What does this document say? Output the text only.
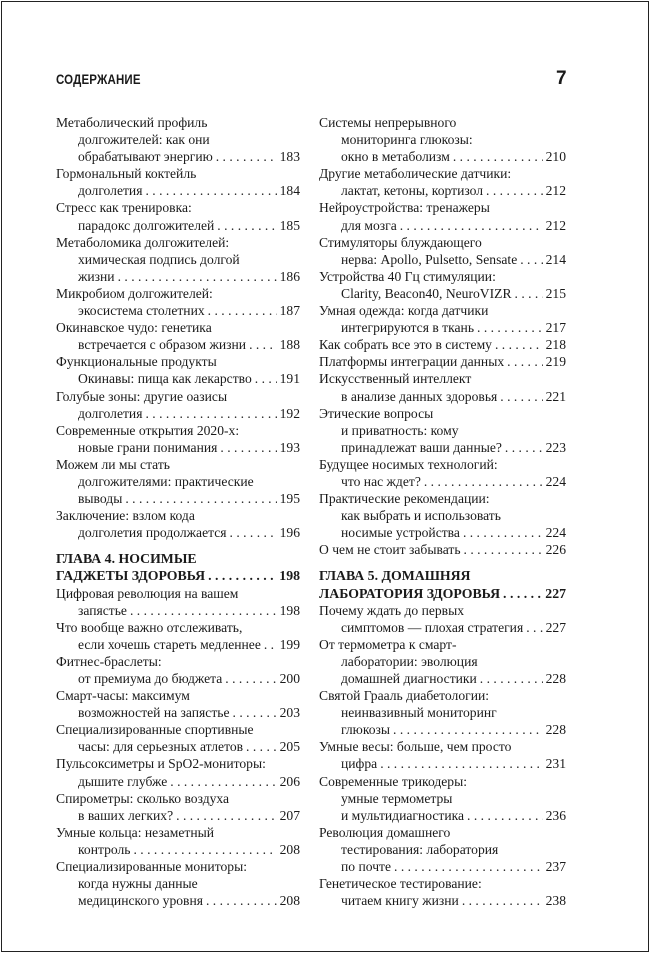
СОДЕРЖАНИЕ	7
Метаболический профиль
долгожителей: как они
обрабатывают энергию . . .	183
Гормональный коктейль
долголетия . . .	184
Стресс как тренировка:
парадокс долгожителей . . .	185
Метаболомика долгожителей:
химическая подпись долгой
жизни . . .	186
Микробиом долгожителей:
экосистема столетних . . .	187
Окинавское чудо: генетика
встречается с образом жизни . . . 188
Функциональные продукты
Окинавы: пища как лекарство . . . 191
Голубые зоны: другие оазисы
долголетия . . .	192
Современные открытия 2020-х:
новые грани понимания . . .	193
Можем ли мы стать
долгожителями: практические
выводы . . .	195
Заключение: взлом кода
долголетия продолжается . . .	196
ГЛАВА 4. НОСИМЫЕ
ГАДЖЕТЫ ЗДОРОВЬЯ . . .	198
Цифровая революция на вашем
запястье . . .	198
Что вообще важно отслеживать,
если хочешь стареть медленнее . . . 199
Фитнес-браслеты:
от премиума до бюджета . . .	200
Смарт-часы: максимум
возможностей на запястье . . .	203
Специализированные спортивные
часы: для серьезных атлетов . . .	205
Пульсоксиметры и SpO2-мониторы:
дышите глубже . . .	206
Спирометры: сколько воздуха
в ваших легких? . . .	207
Умные кольца: незаметный
контроль . . .	208
Специализированные мониторы:
когда нужны данные
медицинского уровня . . .	208
Системы непрерывного
мониторинга глюкозы:
окно в метаболизм . . .	210
Другие метаболические датчики:
лактат, кетоны, кортизол . . .	212
Нейроустройства: тренажеры
для мозга . . .	212
Стимуляторы блуждающего
нерва: Apollo, Pulsetto, Sensate . . . 214
Устройства 40 Гц стимуляции:
Clarity, Beacon40, NeuroVIZR . . .	215
Умная одежда: когда датчики
интегрируются в ткань . . .	217
Как собрать все это в систему . . .	218
Платформы интеграции данных . . .	219
Искусственный интеллект
в анализе данных здоровья . . .	221
Этические вопросы
и приватность: кому
принадлежат ваши данные? . . .	223
Будущее носимых технологий:
что нас ждет? . . .	224
Практические рекомендации:
как выбрать и использовать
носимые устройства . . .	224
О чем не стоит забывать . . .	226
ГЛАВА 5. ДОМАШНЯЯ
ЛАБОРАТОРИЯ ЗДОРОВЬЯ . . .	227
Почему ждать до первых
симптомов — плохая стратегия . . . 227
От термометра к смарт-
лаборатории: эволюция
домашней диагностики . . .	228
Святой Грааль диабетологии:
неинвазивный мониторинг
глюкозы . . .	228
Умные весы: больше, чем просто
цифра . . .	231
Современные трикодеры:
умные термометры
и мультидиагностика . . .	236
Революция домашнего
тестирования: лаборатория
по почте . . .	237
Генетическое тестирование:
читаем книгу жизни . . .	238
